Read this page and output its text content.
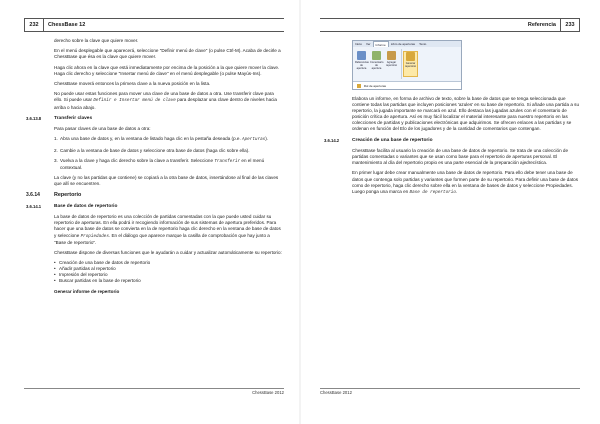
232	ChessBase 12

derecho sobre la clave que quiere mover.

En el menú desplegable que aparecerá, seleccione "Definir menú de clave" (o pulse Ctrl-M). Acaba de decirle a ChessBase que ésa es la clave que quiere mover.

Haga clic ahora en la clave que está inmediatamente por encima de la posición a la que quiere mover la clave. Haga clic derecho y seleccione "Insertar menú de clave" en el menú desplegable (o pulse Mayús-Ins).

ChessBase moverá entonces la primera clave a la nueva posición en la lista.

No puede usar estas funciones para mover una clave de una base de datos a otra. Use transferir clave para ello. Si puede usar Definir e Insertar menú de clave para desplazar una clave dentro de niveles hacia arriba o hacia abajo.

3.6.13.8	Transferir claves

Para pasar claves de una base de datos a otra:

1. Abra una base de datos y, en la ventana de listado haga clic en la pestaña deseada (p.e. Aperturas).
2. Cambie a la ventana de base de datos y seleccione otra base de datos (haga clic sobre ella).
3. Vuelva a la clave y haga clic derecho sobre la clave a transferir. Seleccione Transferir en el menú contextual.

La clave (y no las partidas que contiene) se copiará a la otra base de datos, insertándose al final de las claves que allí se encuentren.

3.6.14	Repertorio
3.6.14.1	Base de datos de repertorio

La base de datos de repertorio es una colección de partidas comentadas con la que puede usted cuidar su repertorio de aperturas. En ella podrá ir recogiendo información de sus sistemas de apertura preferidos. Para hacer que una base de datos se convierta en la de repertorio haga clic derecho en la ventana de base de datos y seleccione Propiedades. En el diálogo que aparece marque la casilla de comprobación que hay junto a "Base de repertorio".

ChessBase dispone de diversas funciones que le ayudarán a cuidar y actualizar automáticamente su repertorio:

• Creación de una base de datos de repertorio
• Añadir partidas al repertorio
• Impresión del repertorio
• Buscar partidas en la base de repertorio

Generar informe de repertorio

ChessBase 2012
Referencia	233
Inicio	Ver	Informe	Libro de aperturas	Texto
Referencias de apertura
Comentario de apertura
Agregar repertorio
Generar repertorio
Rol de aperturas

Elabora un informe, en forma de archivo de texto, sobre la base de datos que se tenga seleccionada que contiene todas las partidas que incluyen posiciones 'azules' en su base de repertorio. Si añade una partida a su repertorio, la jugada importante se marcará en azul. Ello destaca las jugadas azules con el comentario de posición crítica de apertura. Así es muy fácil localizar el material interesante para nuestro repertorio en las colecciones de partidas y publicaciones electrónicas que adquirimos. Se ofrecen enlaces a las partidas y se ordenan en función del Elo de los jugadores y de la cantidad de comentarios que contengan.

3.6.14.2	Creación de una base de repertorio

ChessBase facilita al usuario la creación de una base de datos de repertorio. Se trata de una colección de partidas comentadas o variantes que se usan como base para el repertorio de aperturas personal. El mantenimiento al día del repertorio propio es una parte esencial de la preparación ajedrecística.

En primer lugar debe crear manualmente una base de datos de repertorio. Para ello debe tener una base de datos que contenga solo partidas y variantes que formen parte de su repertorio. Para definir una base de datos como de repertorio, haga clic derecho sobre ella en la ventana de bases de datos y seleccione Propiedades. Luego ponga una marca en Base de repertorio.

ChessBase 2012
